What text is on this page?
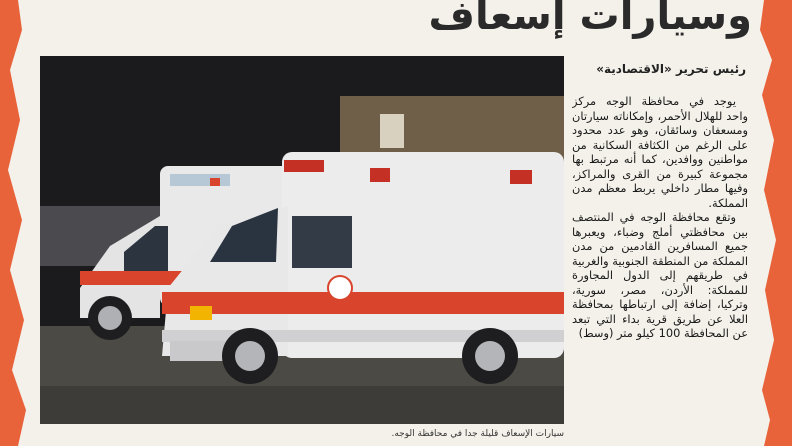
وسيارات إسعاف
سيارات الإسعاف قليلة جدا في محافظة الوجه.
رئيس تحرير «الاقتصادية»

يوجد في محافظة الوجه مركز واحد للهلال الأحمر، وإمكاناته سيارتان ومسعفان وسائقان، وهو عدد محدود على الرغم من الكثافة السكانية من مواطنين ووافدين، كما أنه مرتبط بها مجموعة كبيرة من القرى والمراكز، وفيها مطار داخلي يربط معظم مدن المملكة.

وتقع محافظة الوجه في المنتصف بين محافظتي أملج وضباء، ويعبرها جميع المسافرين القادمين من مدن المملكة من المنطقة الجنوبية والغربية في طريقهم إلى الدول المجاورة للمملكة: الأردن، مصر، سورية، وتركيا، إضافة إلى ارتباطها بمحافظة العلا عن طريق قرية بداء التي تبعد عن المحافظة 100 كيلو متر (وسط)
